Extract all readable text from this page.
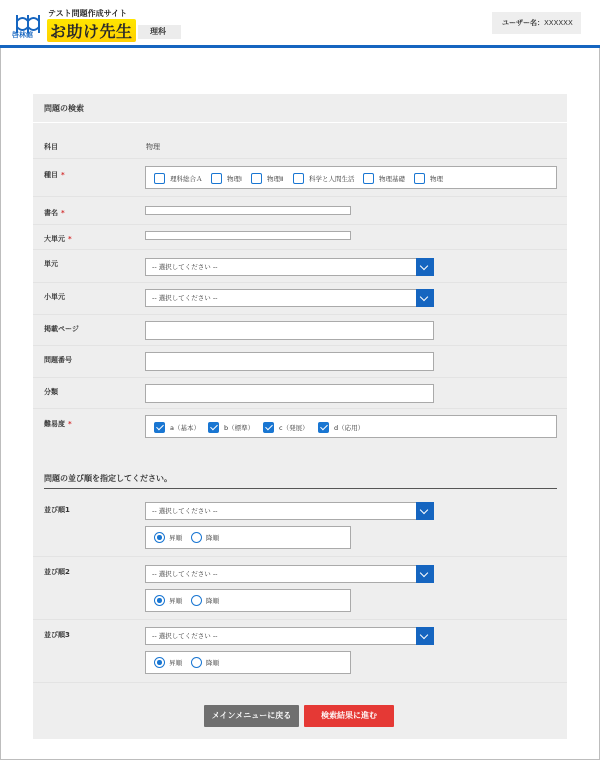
啓林館
テスト問題作成サイト
お助け先生	理科
ユーザー名：XXXXXX
問題の検索
科目	物理
種目 *	理科総合Ａ	物理Ⅰ	物理Ⅱ	科学と人間生活	物理基礎	物理
書名 *
大単元 *
単元	-- 選択してください --
小単元	-- 選択してください --
掲載ページ
問題番号
分類
難易度 *	a（基本）	b（標準）	c（発展）	d（応用）
問題の並び順を指定してください。
並び順1	-- 選択してください --
昇順	降順
並び順2	-- 選択してください --
昇順	降順
並び順3	-- 選択してください --
昇順	降順
メインメニューに戻る	検索結果に進む
